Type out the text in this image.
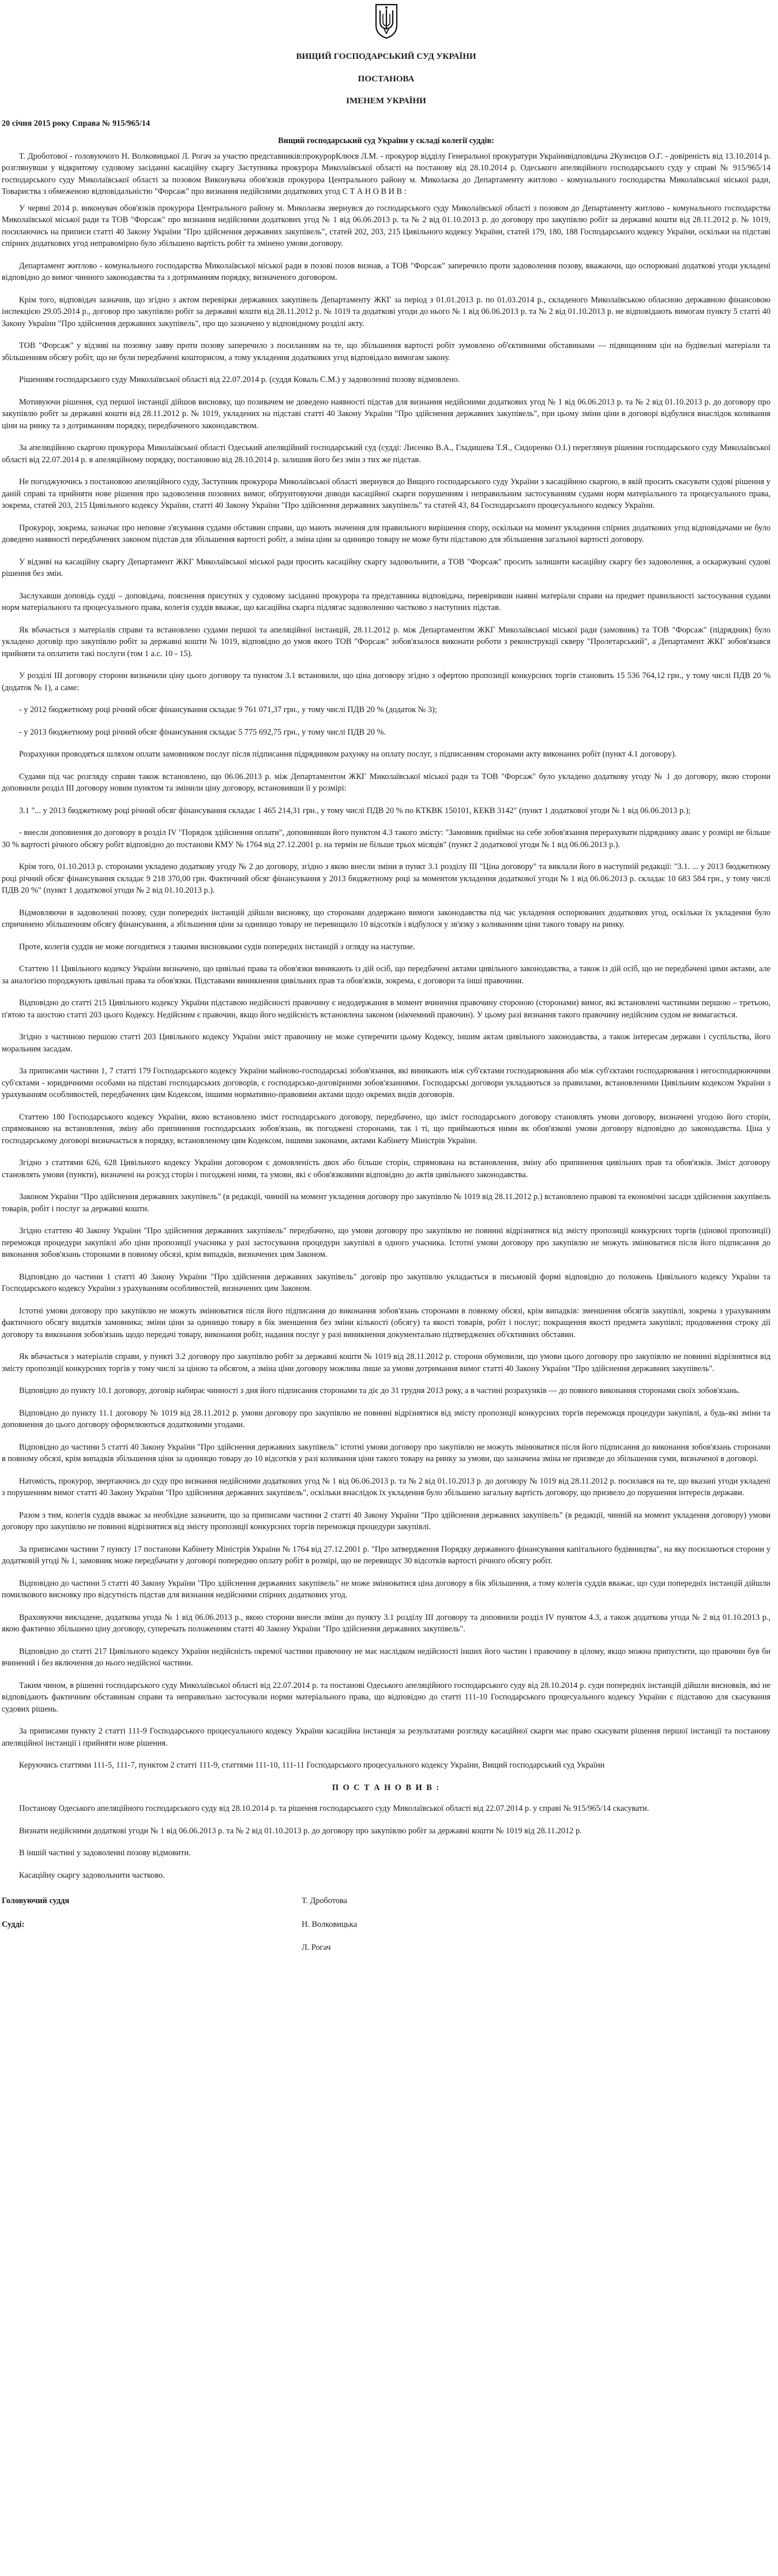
ВИЩИЙ ГОСПОДАРСЬКИЙ СУД УКРАЇНИ
ПОСТАНОВА
ІМЕНЕМ УКРАЇНИ
20 січня 2015 року Справа № 915/965/14
Вищий господарський суд України у складі колегії суддів:

Т. Дроботової - головуючого Н. Волковицької Л. Рогач за участю представників:прокурорКлюєв Л.М. - прокурор відділу Генеральної прокуратури Українивідповідача 2Кузнєцов О.Г. - довіреність від 13.10.2014 р. розглянувши у відкритому судовому засіданні касаційну скаргу Заступника прокурора Миколаївської області на постанову від 28.10.2014 р. Одеського апеляційного господарського суду у справі № 915/965/14 господарського суду Миколаївської області за позовом Виконувача обов'язків прокурора Центрального району м. Миколаєва до Департаменту житлово - комунального господарства Миколаївської міської ради, Товариства з обмеженою відповідальністю "Форсаж" про визнання недійсними додаткових угод С Т А Н О В И В :

У червні 2014 р. виконувач обов'язків прокурора Центрального району м. Миколаєва звернувся до господарського суду Миколаївської області з позовом до Департаменту житлово - комунального господарства Миколаївської міської ради та ТОВ "Форсаж" про визнання недійсними додаткових угод № 1 від 06.06.2013 р. та № 2 від 01.10.2013 р. до договору про закупівлю робіт за державні кошти від 28.11.2012 р. № 1019, посилаючись на приписи статті 40 Закону України "Про здійснення державних закупівель", статей 202, 203, 215 Цивільного кодексу України, статей 179, 180, 188 Господарського кодексу України, оскільки на підставі спірних додаткових угод неправомірно було збільшено вартість робіт та змінено умови договору.

Департамент житлово - комунального господарства Миколаївської міської ради в позові позов визнав, а ТОВ "Форсаж" заперечило проти задоволення позову, вважаючи, що оспорювані додаткові угоди укладені відповідно до вимог чинного законодавства та з дотриманням порядку, визначеного договором.

Крім того, відповідач зазначив, що згідно з актом перевірки державних закупівель Департаменту ЖКГ за період з 01.01.2013 р. по 01.03.2014 р., складеного Миколаївською обласною державною фінансовою інспекцією 29.05.2014 р., договор про закупівлю робіт за державні кошти від 28.11.2012 р. № 1019 та додаткові угоди до нього № 1 від 06.06.2013 р. та № 2 від 01.10.2013 р. не відповідають вимогам пункту 5 статті 40 Закону України "Про здійснення державних закупівель", про що зазначено у відповідному розділі акту.

ТОВ "Форсаж" у відзиві на позовну заяву проти позову заперечило з посиланням на те, що збільшення вартості робіт зумовлено об'єктивними обставинами — підвищенням цін на будівельні матеріали та збільшенням обсягу робіт, що не були передбачені кошторисом, а тому укладення додаткових угод відповідало вимогам закону.

Рішенням господарського суду Миколаївської області від 22.07.2014 р. (суддя Коваль С.М.) у задоволенні позову відмовлено.

Мотивуючи рішення, суд першої інстанції дійшов висновку, що позивачем не доведено наявності підстав для визнання недійсними додаткових угод № 1 від 06.06.2013 р. та № 2 від 01.10.2013 р. до договору про закупівлю робіт за державні кошти від 28.11.2012 р. № 1019, укладених на підставі статті 40 Закону України "Про здійснення державних закупівель", при цьому зміни ціни в договорі відбулися внаслідок коливання ціни на ринку та з дотриманням порядку, передбаченого законодавством.

За апеляційною скаргою прокурора Миколаївської області Одеський апеляційний господарський суд (судді: Лисенко В.А., Гладишева Т.Я., Сидоренко О.І.) переглянув рішення господарського суду Миколаївської області від 22.07.2014 р. в апеляційному порядку, постановою від 28.10.2014 р. залишив його без змін з тих же підстав.

Не погоджуючись з постановою апеляційного суду, Заступник прокурора Миколаївської області звернувся до Вищого господарського суду України з касаційною скаргою, в якій просить скасувати судові рішення у даній справі та прийняти нове рішення про задоволення позовних вимог, обґрунтовуючи доводи касаційної скарги порушенням і неправильним застосуванням судами норм матеріального та процесуального права, зокрема, статей 203, 215 Цивільного кодексу України, статті 40 Закону України "Про здійснення державних закупівель" та статей 43, 84 Господарського процесуального кодексу України.

Прокурор, зокрема, зазначає про неповне з'ясування судами обставин справи, що мають значення для правильного вирішення спору, оскільки на момент укладення спірних додаткових угод відповідачами не було доведено наявності передбачених законом підстав для збільшення вартості робіт, а зміна ціни за одиницю товару не може бути підставою для збільшення загальної вартості договору.

У відзиві на касаційну скаргу Департамент ЖКГ Миколаївської міської ради просить касаційну скаргу задовольнити, а ТОВ "Форсаж" просить залишити касаційну скаргу без задоволення, а оскаржувані судові рішення без змін.

Заслухавши доповідь судді – доповідача, пояснення присутніх у судовому засіданні прокурора та представника відповідача, перевіривши наявні матеріали справи на предмет правильності застосування судами норм матеріального та процесуального права, колегія суддів вважає, що касаційна скарга підлягає задоволенню частково з наступних підстав.

Як вбачається з матеріалів справи та встановлено судами першої та апеляційної інстанцій, 28.11.2012 р. між Департаментом ЖКГ Миколаївської міської ради (замовник) та ТОВ "Форсаж" (підрядник) було укладено договір про закупівлю робіт за державні кошти № 1019, відповідно до умов якого ТОВ "Форсаж" зобов'язалося виконати роботи з реконструкції скверу "Пролетарський", а Департамент ЖКГ зобов'язався прийняти та оплатити такі послуги (том 1 а.с. 10 - 15).

У розділі III договору сторони визначили ціну цього договору та пунктом 3.1 встановили, що ціна договору згідно з офертою пропозиції конкурсних торгів становить 15 536 764,12 грн., у тому числі ПДВ 20 % (додаток № 1), а саме:

- у 2012 бюджетному році річний обсяг фінансування складає 9 761 071,37 грн., у тому числі ПДВ 20 % (додаток № 3);

- у 2013 бюджетному році річний обсяг фінансування складає 5 775 692,75 грн., у тому числі ПДВ 20 %.

Розрахунки проводяться шляхом оплати замовником послуг після підписання підрядником рахунку на оплату послуг, з підписанням сторонами акту виконаних робіт (пункт 4.1 договору).

Судами під час розгляду справи також встановлено, що 06.06.2013 р. між Департаментом ЖКГ Миколаївської міської ради та ТОВ "Форсаж" було укладено додаткову угоду № 1 до договору, якою сторони доповнили розділ III договору новим пунктом та змінили ціну договору, встановивши її у розмірі:

3.1 "... у 2013 бюджетному році річний обсяг фінансування складає 1 465 214,31 грн., у тому числі ПДВ 20 % по КТКВК 150101, КЕКВ 3142" (пункт 1 додаткової угоди № 1 від 06.06.2013 р.);

- внесли доповнення до договору в розділ IV "Порядок здійснення оплати", доповнивши його пунктом 4.3 такого змісту: "Замовник приймає на себе зобов'язання перерахувати підряднику аванс у розмірі не більше 30 % вартості річного обсягу робіт відповідно до постанови КМУ № 1764 від 27.12.2001 р. на термін не більше трьох місяців" (пункт 2 додаткової угоди № 1 від 06.06.2013 р.).

Крім того, 01.10.2013 р. сторонами укладено додаткову угоду № 2 до договору, згідно з якою внесли зміни в пункт 3.1 розділу III "Ціна договору" та виклали його в наступній редакції: "3.1. ... у 2013 бюджетному році річний обсяг фінансування складає 9 218 370,00 грн. Фактичний обсяг фінансування у 2013 бюджетному році за моментом укладення додаткової угоди № 1 від 06.06.2013 р. складає 10 683 584 грн., у тому числі ПДВ 20 %" (пункт 1 додаткової угоди № 2 від 01.10.2013 р.).

Відмовляючи в задоволенні позову, суди попередніх інстанцій дійшли висновку, що сторонами додержано вимоги законодавства під час укладення оспорюваних додаткових угод, оскільки їх укладення було спричинено збільшенням обсягу фінансування, а збільшення ціни за одиницю товару не перевищило 10 відсотків і відбулося у зв'язку з коливанням ціни такого товару на ринку.

Проте, колегія суддів не може погодитися з такими висновками судів попередніх інстанцій з огляду на наступне.

Статтею 11 Цивільного кодексу України визначено, що цивільні права та обов'язки виникають із дій осіб, що передбачені актами цивільного законодавства, а також із дій осіб, що не передбачені цими актами, але за аналогією породжують цивільні права та обов'язки. Підставами виникнення цивільних прав та обов'язків, зокрема, є договори та інші правочини.

Відповідно до статті 215 Цивільного кодексу України підставою недійсності правочину є недодержання в момент вчинення правочину стороною (сторонами) вимог, які встановлені частинами першою – третьою, п'ятою та шостою статті 203 цього Кодексу. Недійсним є правочин, якщо його недійсність встановлена законом (нікчемний правочин). У цьому разі визнання такого правочину недійсним судом не вимагається.

Згідно з частиною першою статті 203 Цивільного кодексу України зміст правочину не може суперечити цьому Кодексу, іншим актам цивільного законодавства, а також інтересам держави і суспільства, його моральним засадам.

За приписами частини 1, 7 статті 179 Господарського кодексу України майново-господарські зобов'язання, які виникають між суб'єктами господарювання або між суб'єктами господарювання і негосподарюючими суб'єктами - юридичними особами на підставі господарських договорів, є господарсько-договірними зобов'язаннями. Господарські договори укладаються за правилами, встановленими Цивільним кодексом України з урахуванням особливостей, передбачених цим Кодексом, іншими нормативно-правовими актами щодо окремих видів договорів.

Статтею 180 Господарського кодексу України, якою встановлено зміст господарського договору, передбачено, що зміст господарського договору становлять умови договору, визначені угодою його сторін, спрямованою на встановлення, зміну або припинення господарських зобов'язань, як погоджені сторонами, так і ті, що приймаються ними як обов'язкові умови договору відповідно до законодавства. Ціна у господарському договорі визначається в порядку, встановленому цим Кодексом, іншими законами, актами Кабінету Міністрів України.

Згідно з статтями 626, 628 Цивільного кодексу України договором є домовленість двох або більше сторін, спрямована на встановлення, зміну або припинення цивільних прав та обов'язків. Зміст договору становлять умови (пункти), визначені на розсуд сторін і погоджені ними, та умови, які є обов'язковими відповідно до актів цивільного законодавства.

Законом України "Про здійснення державних закупівель" (в редакції, чинній на момент укладення договору про закупівлю № 1019 від 28.11.2012 р.) встановлено правові та економічні засади здійснення закупівель товарів, робіт і послуг за державні кошти.

Згідно статтею 40 Закону України "Про здійснення державних закупівель" передбачено, що умови договору про закупівлю не повинні відрізнятися від змісту пропозиції конкурсних торгів (цінової пропозиції) переможця процедури закупівлі або ціни пропозиції учасника у разі застосування процедури закупівлі в одного учасника. Істотні умови договору про закупівлю не можуть змінюватися після його підписання до виконання зобов'язань сторонами в повному обсязі, крім випадків, визначених цим Законом.

Відповідно до частини 1 статті 40 Закону України "Про здійснення державних закупівель" договір про закупівлю укладається в письмовій формі відповідно до положень Цивільного кодексу України та Господарського кодексу України з урахуванням особливостей, визначених цим Законом.

Істотні умови договору про закупівлю не можуть змінюватися після його підписання до виконання зобов'язань сторонами в повному обсязі, крім випадків: зменшення обсягів закупівлі, зокрема з урахуванням фактичного обсягу видатків замовника; зміни ціни за одиницю товару в бік зменшення без зміни кількості (обсягу) та якості товарів, робіт і послуг; покращення якості предмета закупівлі; продовження строку дії договору та виконання зобов'язань щодо передачі товару, виконання робіт, надання послуг у разі виникнення документально підтверджених об'єктивних обставин.

Як вбачається з матеріалів справи, у пункті 3.2 договору про закупівлю робіт за державні кошти № 1019 від 28.11.2012 р. сторони обумовили, що умови цього договору про закупівлю не повинні відрізнятися від змісту пропозиції конкурсних торгів у тому числі за ціною та обсягом, а зміна ціни договору можлива лише за умови дотримання вимог статті 40 Закону України "Про здійснення державних закупівель".

Відповідно до пункту 10.1 договору, договір набирає чинності з дня його підписання сторонами та діє до 31 грудня 2013 року, а в частині розрахунків — до повного виконання сторонами своїх зобов'язань.

Відповідно до пункту 11.1 договору № 1019 від 28.11.2012 р. умови договору про закупівлю не повинні відрізнятися від змісту пропозиції конкурсних торгів переможця процедури закупівлі, а будь-які зміни та доповнення до цього договору оформлюються додатковими угодами.

Відповідно до частини 5 статті 40 Закону України "Про здійснення державних закупівель" істотні умови договору про закупівлю не можуть змінюватися після його підписання до виконання зобов'язань сторонами в повному обсязі, крім випадків збільшення ціни за одиницю товару до 10 відсотків у разі коливання ціни такого товару на ринку за умови, що зазначена зміна не призведе до збільшення суми, визначеної в договорі.

Натомість, прокурор, звертаючись до суду про визнання недійсними додаткових угод № 1 від 06.06.2013 р. та № 2 від 01.10.2013 р. до договору № 1019 від 28.11.2012 р. посилався на те, що вказані угоди укладені з порушенням вимог статті 40 Закону України "Про здійснення державних закупівель", оскільки внаслідок їх укладення було збільшено загальну вартість договору, що призвело до порушення інтересів держави.

Разом з тим, колегія суддів вважає за необхідне зазначити, що за приписами частини 2 статті 40 Закону України "Про здійснення державних закупівель" (в редакції, чинній на момент укладення договору) умови договору про закупівлю не повинні відрізнятися від змісту пропозиції конкурсних торгів переможця процедури закупівлі.

За приписами частини 7 пункту 17 постанови Кабінету Міністрів України № 1764 від 27.12.2001 р. "Про затвердження Порядку державного фінансування капітального будівництва", на яку посилаються сторони у додатковій угоді № 1, замовник може передбачати у договорі попередню оплату робіт в розмірі, що не перевищує 30 відсотків вартості річного обсягу робіт.

Відповідно до частини 5 статті 40 Закону України "Про здійснення державних закупівель" не може змінюватися ціна договору в бік збільшення, а тому колегія суддів вважає, що суди попередніх інстанцій дійшли помилкового висновку про відсутність підстав для визнання недійсними спірних додаткових угод.

Враховуючи викладене, додаткова угода № 1 від 06.06.2013 р., якою сторони внесли зміни до пункту 3.1 розділу III договору та доповнили розділ IV пунктом 4.3, а також додаткова угода № 2 від 01.10.2013 р., якою фактично збільшено ціну договору, суперечать положенням статті 40 Закону України "Про здійснення державних закупівель".

Відповідно до статті 217 Цивільного кодексу України недійсність окремої частини правочину не має наслідком недійсності інших його частин і правочину в цілому, якщо можна припустити, що правочин був би вчинений і без включення до нього недійсної частини.

Таким чином, в рішенні господарського суду Миколаївської області від 22.07.2014 р. та постанові Одеського апеляційного господарського суду від 28.10.2014 р. суди попередніх інстанцій дійшли висновків, які не відповідають фактичним обставинам справи та неправильно застосували норми матеріального права, що відповідно до статті 111-10 Господарського процесуального кодексу України є підставою для скасування судових рішень.

За приписами пункту 2 статті 111-9 Господарського процесуального кодексу України касаційна інстанція за результатами розгляду касаційної скарги має право скасувати рішення першої інстанції та постанову апеляційної інстанції і прийняти нове рішення.

Керуючись статтями 111-5, 111-7, пунктом 2 статті 111-9, статтями 111-10, 111-11 Господарського процесуального кодексу України, Вищий господарський суд України

П О С Т А Н О В И В :

Постанову Одеського апеляційного господарського суду від 28.10.2014 р. та рішення господарського суду Миколаївської області від 22.07.2014 р. у справі № 915/965/14 скасувати.

Визнати недійсними додаткові угоди № 1 від 06.06.2013 р. та № 2 від 01.10.2013 р. до договору про закупівлю робіт за державні кошти № 1019 від 28.11.2012 р.

В іншій частині у задоволенні позову відмовити.

Касаційну скаргу задовольнити частково.

Головуючий суддя	Т. Дроботова
Судді:	Н. Волковицька
	Л. Рогач
